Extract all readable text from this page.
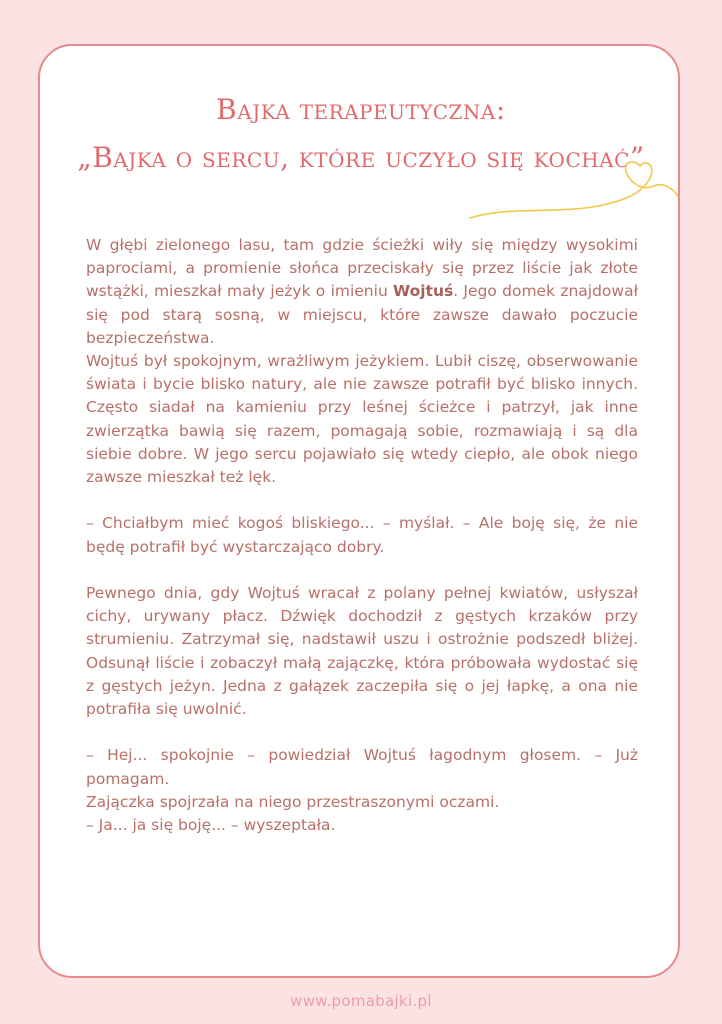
Bajka terapeutyczna:
„Bajka o sercu, które uczyło się kochać”

W głębi zielonego lasu, tam gdzie ścieżki wiły się między wysokimi paprociami, a promienie słońca przeciskały się przez liście jak złote wstążki, mieszkał mały jeżyk o imieniu Wojtuś. Jego domek znajdował się pod starą sosną, w miejscu, które zawsze dawało poczucie bezpieczeństwa.

Wojtuś był spokojnym, wrażliwym jeżykiem. Lubił ciszę, obserwowanie świata i bycie blisko natury, ale nie zawsze potrafił być blisko innych. Często siadał na kamieniu przy leśnej ścieżce i patrzył, jak inne zwierzątka bawią się razem, pomagają sobie, rozmawiają i są dla siebie dobre. W jego sercu pojawiało się wtedy ciepło, ale obok niego zawsze mieszkał też lęk.

– Chciałbym mieć kogoś bliskiego... – myślał. – Ale boję się, że nie będę potrafił być wystarczająco dobry.

Pewnego dnia, gdy Wojtuś wracał z polany pełnej kwiatów, usłyszał cichy, urywany płacz. Dźwięk dochodził z gęstych krzaków przy strumieniu. Zatrzymał się, nadstawił uszu i ostrożnie podszedł bliżej. Odsunął liście i zobaczył małą zajączkę, która próbowała wydostać się z gęstych jeżyn. Jedna z gałązek zaczepiła się o jej łapkę, a ona nie potrafiła się uwolnić.

– Hej... spokojnie – powiedział Wojtuś łagodnym głosem. – Już pomagam.

Zajączka spojrzała na niego przestraszonymi oczami.

– Ja... ja się boję... – wyszeptała.

www.pomabajki.pl
